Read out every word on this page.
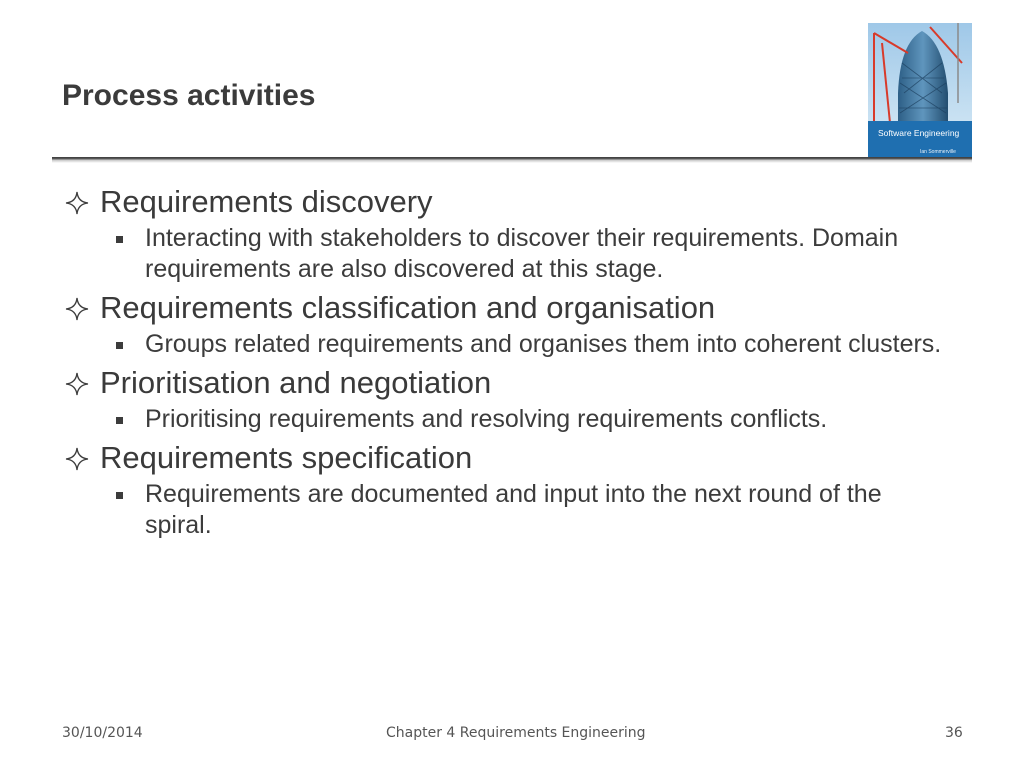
Process activities
Software Engineering
Ian Sommerville
Requirements discovery
Interacting with stakeholders to discover their requirements. Domain requirements are also discovered at this stage.
Requirements classification and organisation
Groups related requirements and organises them into coherent clusters.
Prioritisation and negotiation
Prioritising requirements and resolving requirements conflicts.
Requirements specification
Requirements are documented and input into the next round of the spiral.
30/10/2014	Chapter 4 Requirements Engineering	36
